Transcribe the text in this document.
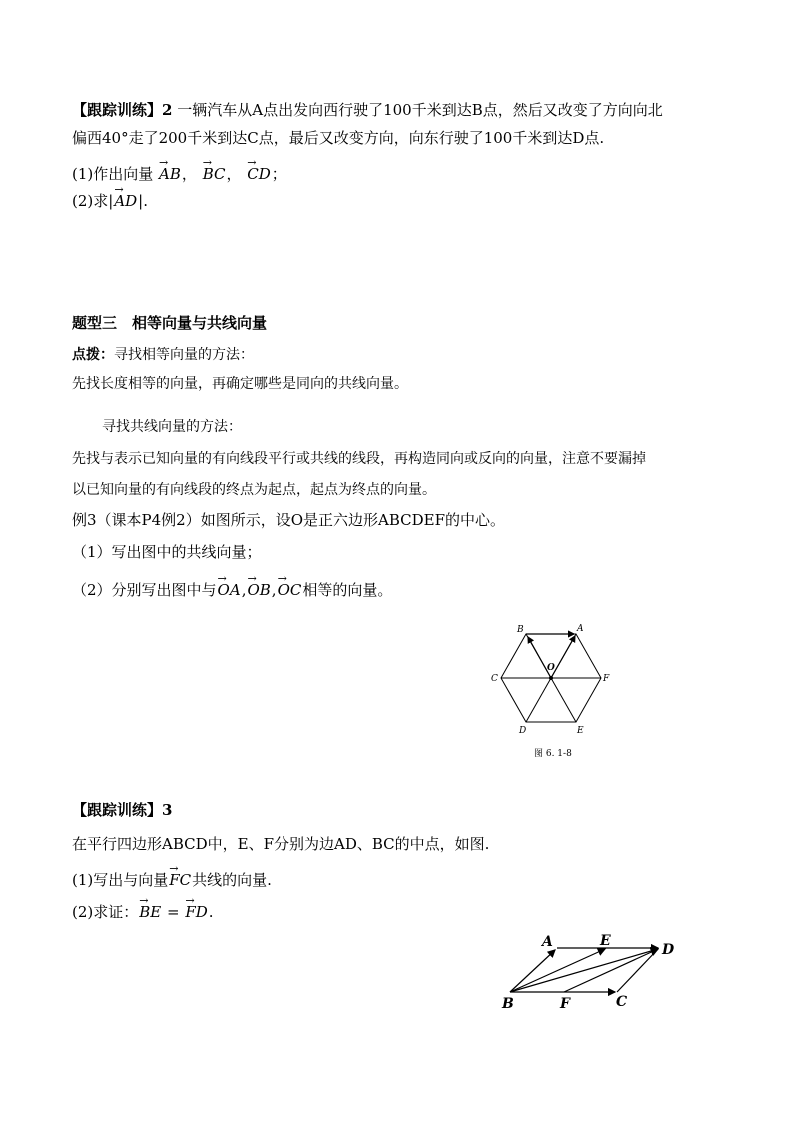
【跟踪训练】2 一辆汽车从A点出发向西行驶了100千米到达B点，然后又改变了方向向北
偏西40°走了200千米到达C点，最后又改变方向，向东行驶了100千米到达D点.
(1)作出向量 → AB， → BC， → CD；
(2)求|→ AD|.
题型三　相等向量与共线向量
点拨：寻找相等向量的方法：
先找长度相等的向量，再确定哪些是同向的共线向量。
寻找共线向量的方法：
先找与表示已知向量的有向线段平行或共线的线段，再构造同向或反向的向量，注意不要漏掉
以已知向量的有向线段的终点为起点，起点为终点的向量。
例3（课本P4例2）如图所示，设O是正六边形ABCDEF的中心。
（1）写出图中的共线向量；
（2）分别写出图中与→ OA,→ OB,→ OC相等的向量。
B	A
C	F
O
D	E
图 6. 1-8
【跟踪训练】3
在平行四边形ABCD中，E、F分别为边AD、BC的中点，如图.
(1)写出与向量→ FC共线的向量.
(2)求证：→ BE = → FD.
A	E
D
B	F	C
